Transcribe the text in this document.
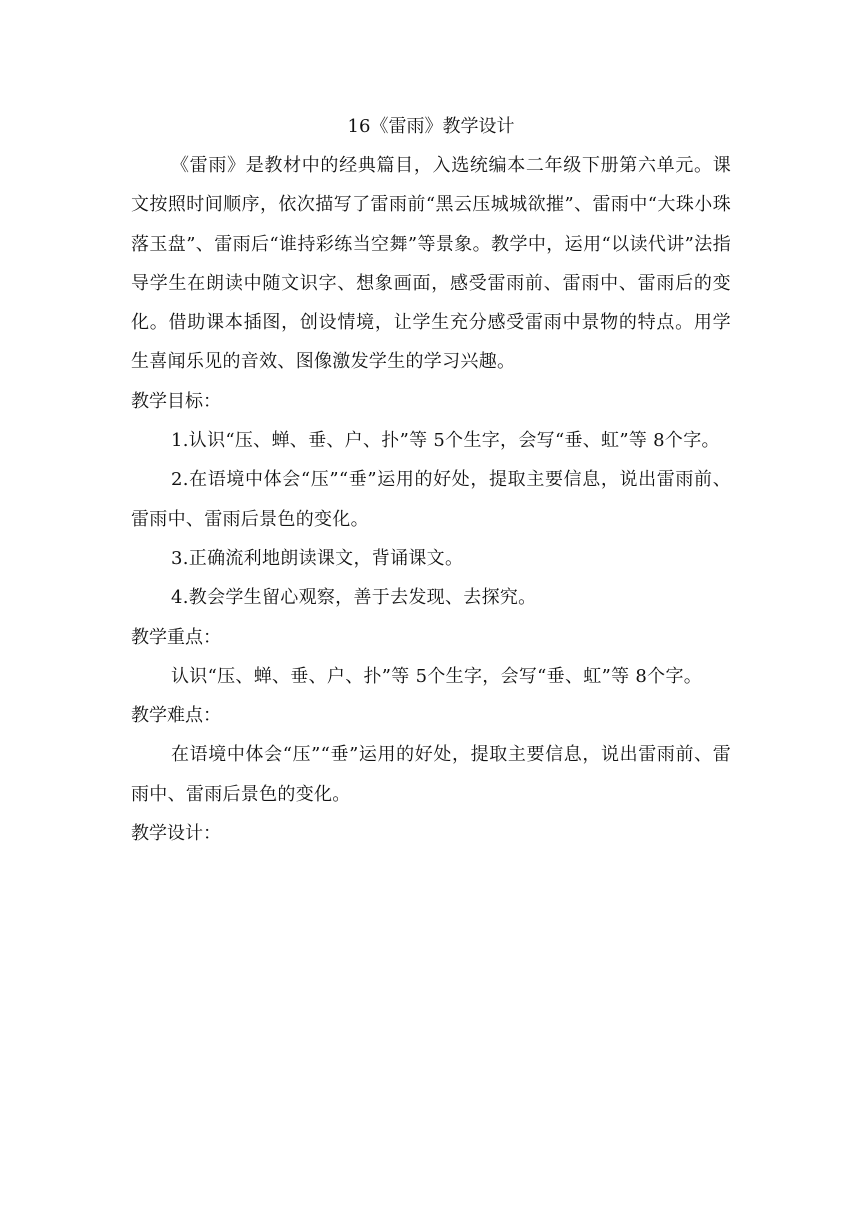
16《雷雨》教学设计

《雷雨》是教材中的经典篇目，入选统编本二年级下册第六单元。课文按照时间顺序，依次描写了雷雨前“黑云压城城欲摧”、雷雨中“大珠小珠落玉盘”、雷雨后“谁持彩练当空舞”等景象。教学中，运用“以读代讲”法指导学生在朗读中随文识字、想象画面，感受雷雨前、雷雨中、雷雨后的变化。借助课本插图，创设情境，让学生充分感受雷雨中景物的特点。用学生喜闻乐见的音效、图像激发学生的学习兴趣。

教学目标：

1.认识“压、蝉、垂、户、扑”等 5个生字，会写“垂、虹”等 8个字。

2.在语境中体会“压”“垂”运用的好处，提取主要信息，说出雷雨前、雷雨中、雷雨后景色的变化。

3.正确流利地朗读课文，背诵课文。

4.教会学生留心观察，善于去发现、去探究。

教学重点：

认识“压、蝉、垂、户、扑”等 5个生字，会写“垂、虹”等 8个字。

教学难点：

在语境中体会“压”“垂”运用的好处，提取主要信息，说出雷雨前、雷雨中、雷雨后景色的变化。

教学设计：
